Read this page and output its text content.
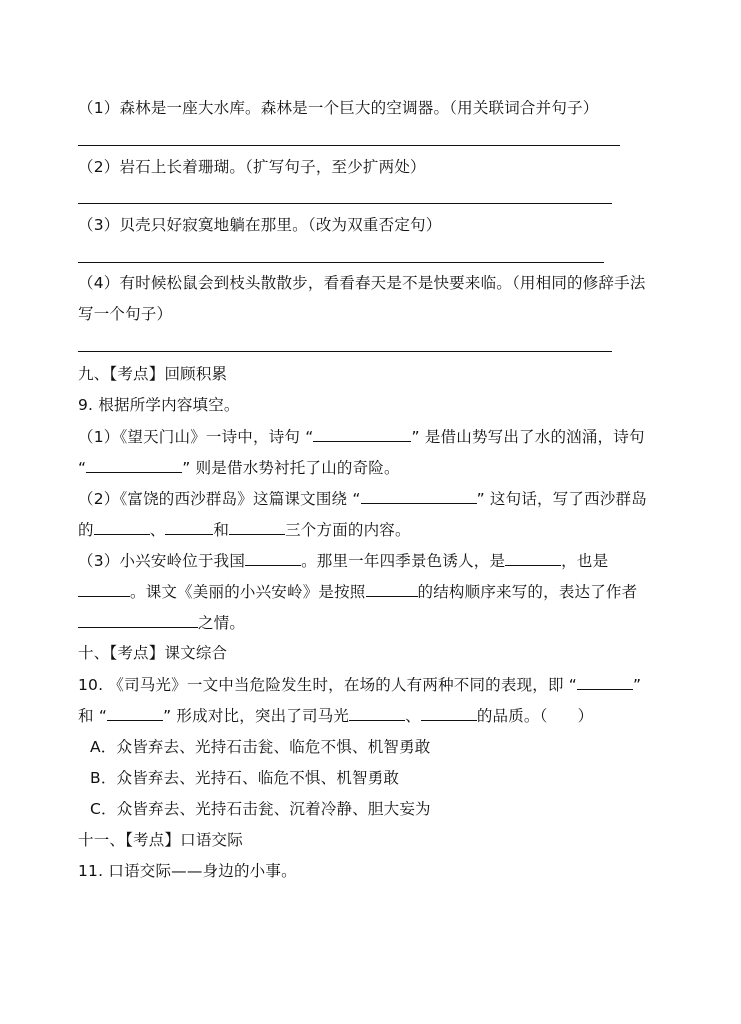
（1）森林是一座大水库。森林是一个巨大的空调器。（用关联词合并句子）
（2）岩石上长着珊瑚。（扩写句子，至少扩两处）
（3）贝壳只好寂寞地躺在那里。（改为双重否定句）
（4）有时候松鼠会到枝头散散步，看看春天是不是快要来临。（用相同的修辞手法
写一个句子）
九、【考点】回顾积累
9. 根据所学内容填空。
（1）《望天门山》一诗中，诗句 “	” 是借山势写出了水的汹涌，诗句
“	” 则是借水势衬托了山的奇险。
（2）《富饶的西沙群岛》这篇课文围绕 “	” 这句话，写了西沙群岛
的	、	和	三个方面的内容。
（3）小兴安岭位于我国	。那里一年四季景色诱人，是	，也是
。课文《美丽的小兴安岭》是按照	的结构顺序来写的，表达了作者
之情。
十、【考点】课文综合
10. 《司马光》一文中当危险发生时，在场的人有两种不同的表现，即 “	”
和 “	” 形成对比，突出了司马光	、	的品质。（ ）
A．众皆弃去、光持石击瓮、临危不惧、机智勇敢
B．众皆弃去、光持石、临危不惧、机智勇敢
C．众皆弃去、光持石击瓮、沉着冷静、胆大妄为
十一、【考点】口语交际
11. 口语交际——身边的小事。
